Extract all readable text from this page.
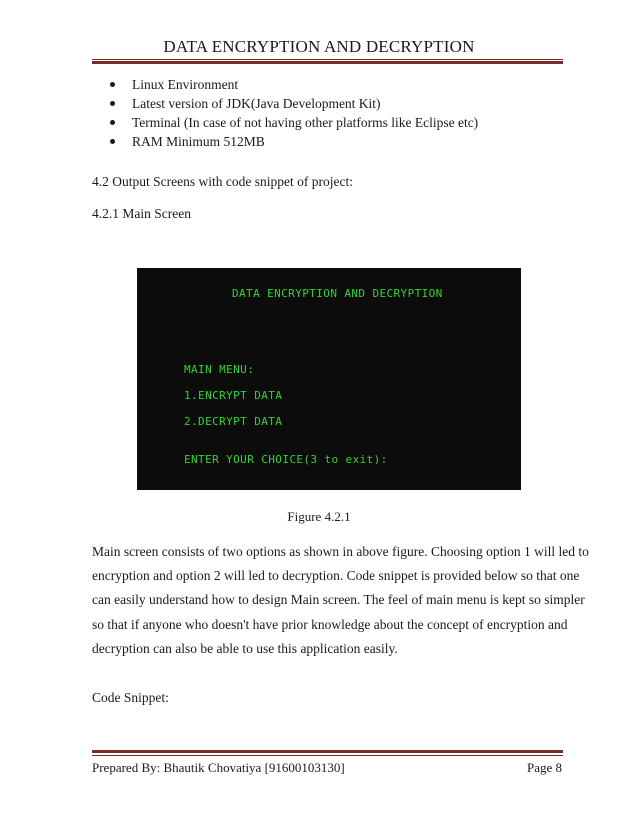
DATA ENCRYPTION AND DECRYPTION
Linux Environment
Latest version of JDK(Java Development Kit)
Terminal (In case of not having other platforms like Eclipse etc)
RAM Minimum 512MB
4.2 Output Screens with code snippet of project:
4.2.1 Main Screen
DATA ENCRYPTION AND DECRYPTION
MAIN MENU:
1.ENCRYPT DATA
2.DECRYPT DATA
ENTER YOUR CHOICE(3 to exit):
Figure 4.2.1
Main screen consists of two options as shown in above figure. Choosing option 1 will led to
encryption and option 2 will led to decryption. Code snippet is provided below so that one
can easily understand how to design Main screen. The feel of main menu is kept so simpler
so that if anyone who doesn't have prior knowledge about the concept of encryption and
decryption can also be able to use this application easily.
Code Snippet:
Prepared By: Bhautik Chovatiya [91600103130]	Page 8
